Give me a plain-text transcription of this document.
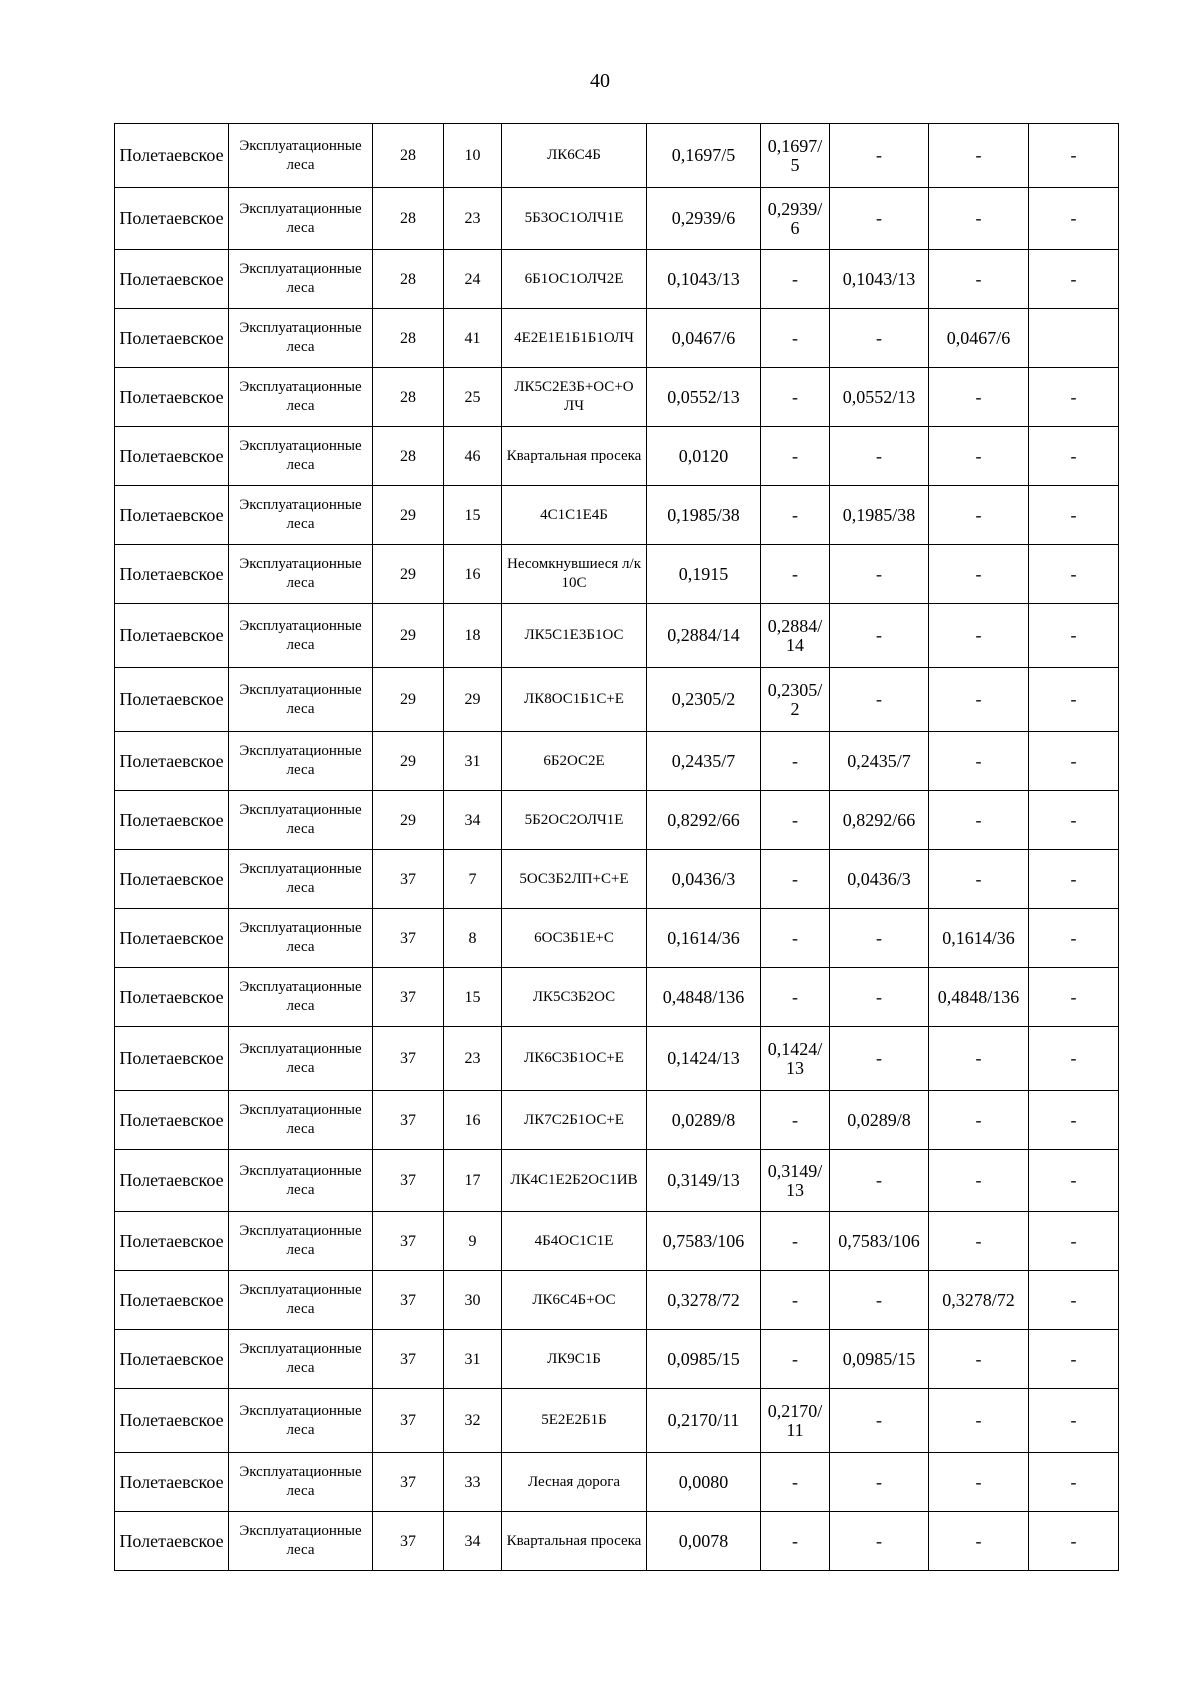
40
Полетаевское	Эксплуатационные леса	28	10	ЛК6С4Б	0,1697/5	0,1697/ 5	-	-	-
Полетаевское	Эксплуатационные леса	28	23	5Б3ОС1ОЛЧ1Е	0,2939/6	0,2939/ 6	-	-	-
Полетаевское	Эксплуатационные леса	28	24	6Б1ОС1ОЛЧ2Е	0,1043/13	-	0,1043/13	-	-
Полетаевское	Эксплуатационные леса	28	41	4Е2Е1Е1Б1Б1ОЛЧ	0,0467/6	-	-	0,0467/6	
Полетаевское	Эксплуатационные леса	28	25	ЛК5С2Е3Б+ОС+О ЛЧ	0,0552/13	-	0,0552/13	-	-
Полетаевское	Эксплуатационные леса	28	46	Квартальная просека	0,0120	-	-	-	-
Полетаевское	Эксплуатационные леса	29	15	4С1С1Е4Б	0,1985/38	-	0,1985/38	-	-
Полетаевское	Эксплуатационные леса	29	16	Несомкнувшиеся л/к 10С	0,1915	-	-	-	-
Полетаевское	Эксплуатационные леса	29	18	ЛК5С1Е3Б1ОС	0,2884/14	0,2884/ 14	-	-	-
Полетаевское	Эксплуатационные леса	29	29	ЛК8ОС1Б1С+Е	0,2305/2	0,2305/ 2	-	-	-
Полетаевское	Эксплуатационные леса	29	31	6Б2ОС2Е	0,2435/7	-	0,2435/7	-	-
Полетаевское	Эксплуатационные леса	29	34	5Б2ОС2ОЛЧ1Е	0,8292/66	-	0,8292/66	-	-
Полетаевское	Эксплуатационные леса	37	7	5ОС3Б2ЛП+С+Е	0,0436/3	-	0,0436/3	-	-
Полетаевское	Эксплуатационные леса	37	8	6ОС3Б1Е+С	0,1614/36	-	-	0,1614/36	-
Полетаевское	Эксплуатационные леса	37	15	ЛК5С3Б2ОС	0,4848/136	-	-	0,4848/136	-
Полетаевское	Эксплуатационные леса	37	23	ЛК6С3Б1ОС+Е	0,1424/13	0,1424/ 13	-	-	-
Полетаевское	Эксплуатационные леса	37	16	ЛК7С2Б1ОС+Е	0,0289/8	-	0,0289/8	-	-
Полетаевское	Эксплуатационные леса	37	17	ЛК4С1Е2Б2ОС1ИВ	0,3149/13	0,3149/ 13	-	-	-
Полетаевское	Эксплуатационные леса	37	9	4Б4ОС1С1Е	0,7583/106	-	0,7583/106	-	-
Полетаевское	Эксплуатационные леса	37	30	ЛК6С4Б+ОС	0,3278/72	-	-	0,3278/72	-
Полетаевское	Эксплуатационные леса	37	31	ЛК9С1Б	0,0985/15	-	0,0985/15	-	-
Полетаевское	Эксплуатационные леса	37	32	5Е2Е2Б1Б	0,2170/11	0,2170/ 11	-	-	-
Полетаевское	Эксплуатационные леса	37	33	Лесная дорога	0,0080	-	-	-	-
Полетаевское	Эксплуатационные леса	37	34	Квартальная просека	0,0078	-	-	-	-
